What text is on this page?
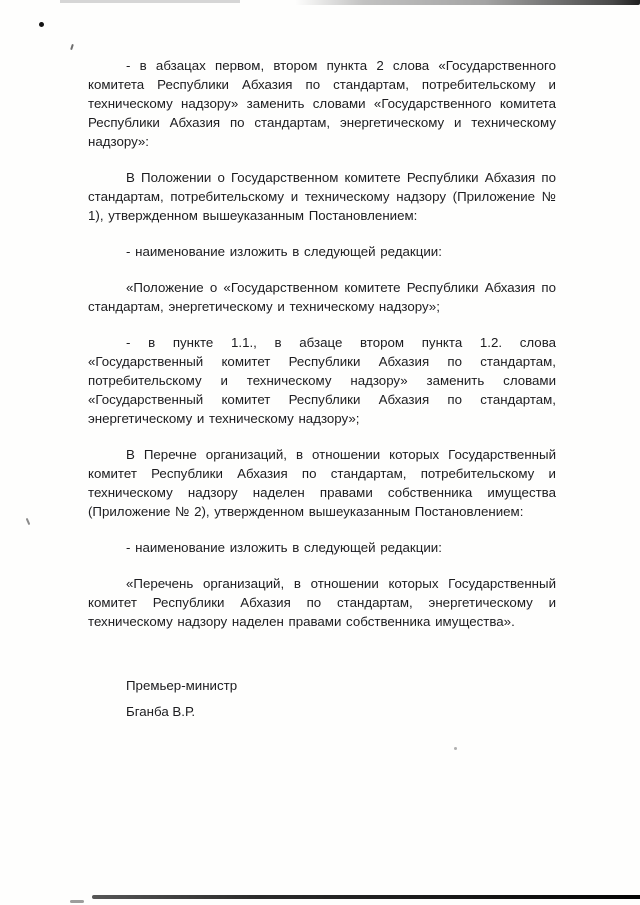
- в абзацах первом, втором пункта 2 слова «Государственного комитета Республики Абхазия по стандартам, потребительскому и техническому надзору» заменить словами «Государственного комитета Республики Абхазия по стандартам, энергетическому и техническому надзору»:

В Положении о Государственном комитете Республики Абхазия по стандартам, потребительскому и техническому надзору (Приложение № 1), утвержденном вышеуказанным Постановлением:

- наименование изложить в следующей редакции:

«Положение о «Государственном комитете Республики Абхазия по стандартам, энергетическому и техническому надзору»;

- в пункте 1.1., в абзаце втором пункта 1.2. слова «Государственный комитет Республики Абхазия по стандартам, потребительскому и техническому надзору» заменить словами «Государственный комитет Республики Абхазия по стандартам, энергетическому и техническому надзору»;

В Перечне организаций, в отношении которых Государственный комитет Республики Абхазия по стандартам, потребительскому и техническому надзору наделен правами собственника имущества (Приложение № 2), утвержденном вышеуказанным Постановлением:

- наименование изложить в следующей редакции:

«Перечень организаций, в отношении которых Государственный комитет Республики Абхазия по стандартам, энергетическому и техническому надзору наделен правами собственника имущества».

Премьер-министр

Бганба В.Р.
